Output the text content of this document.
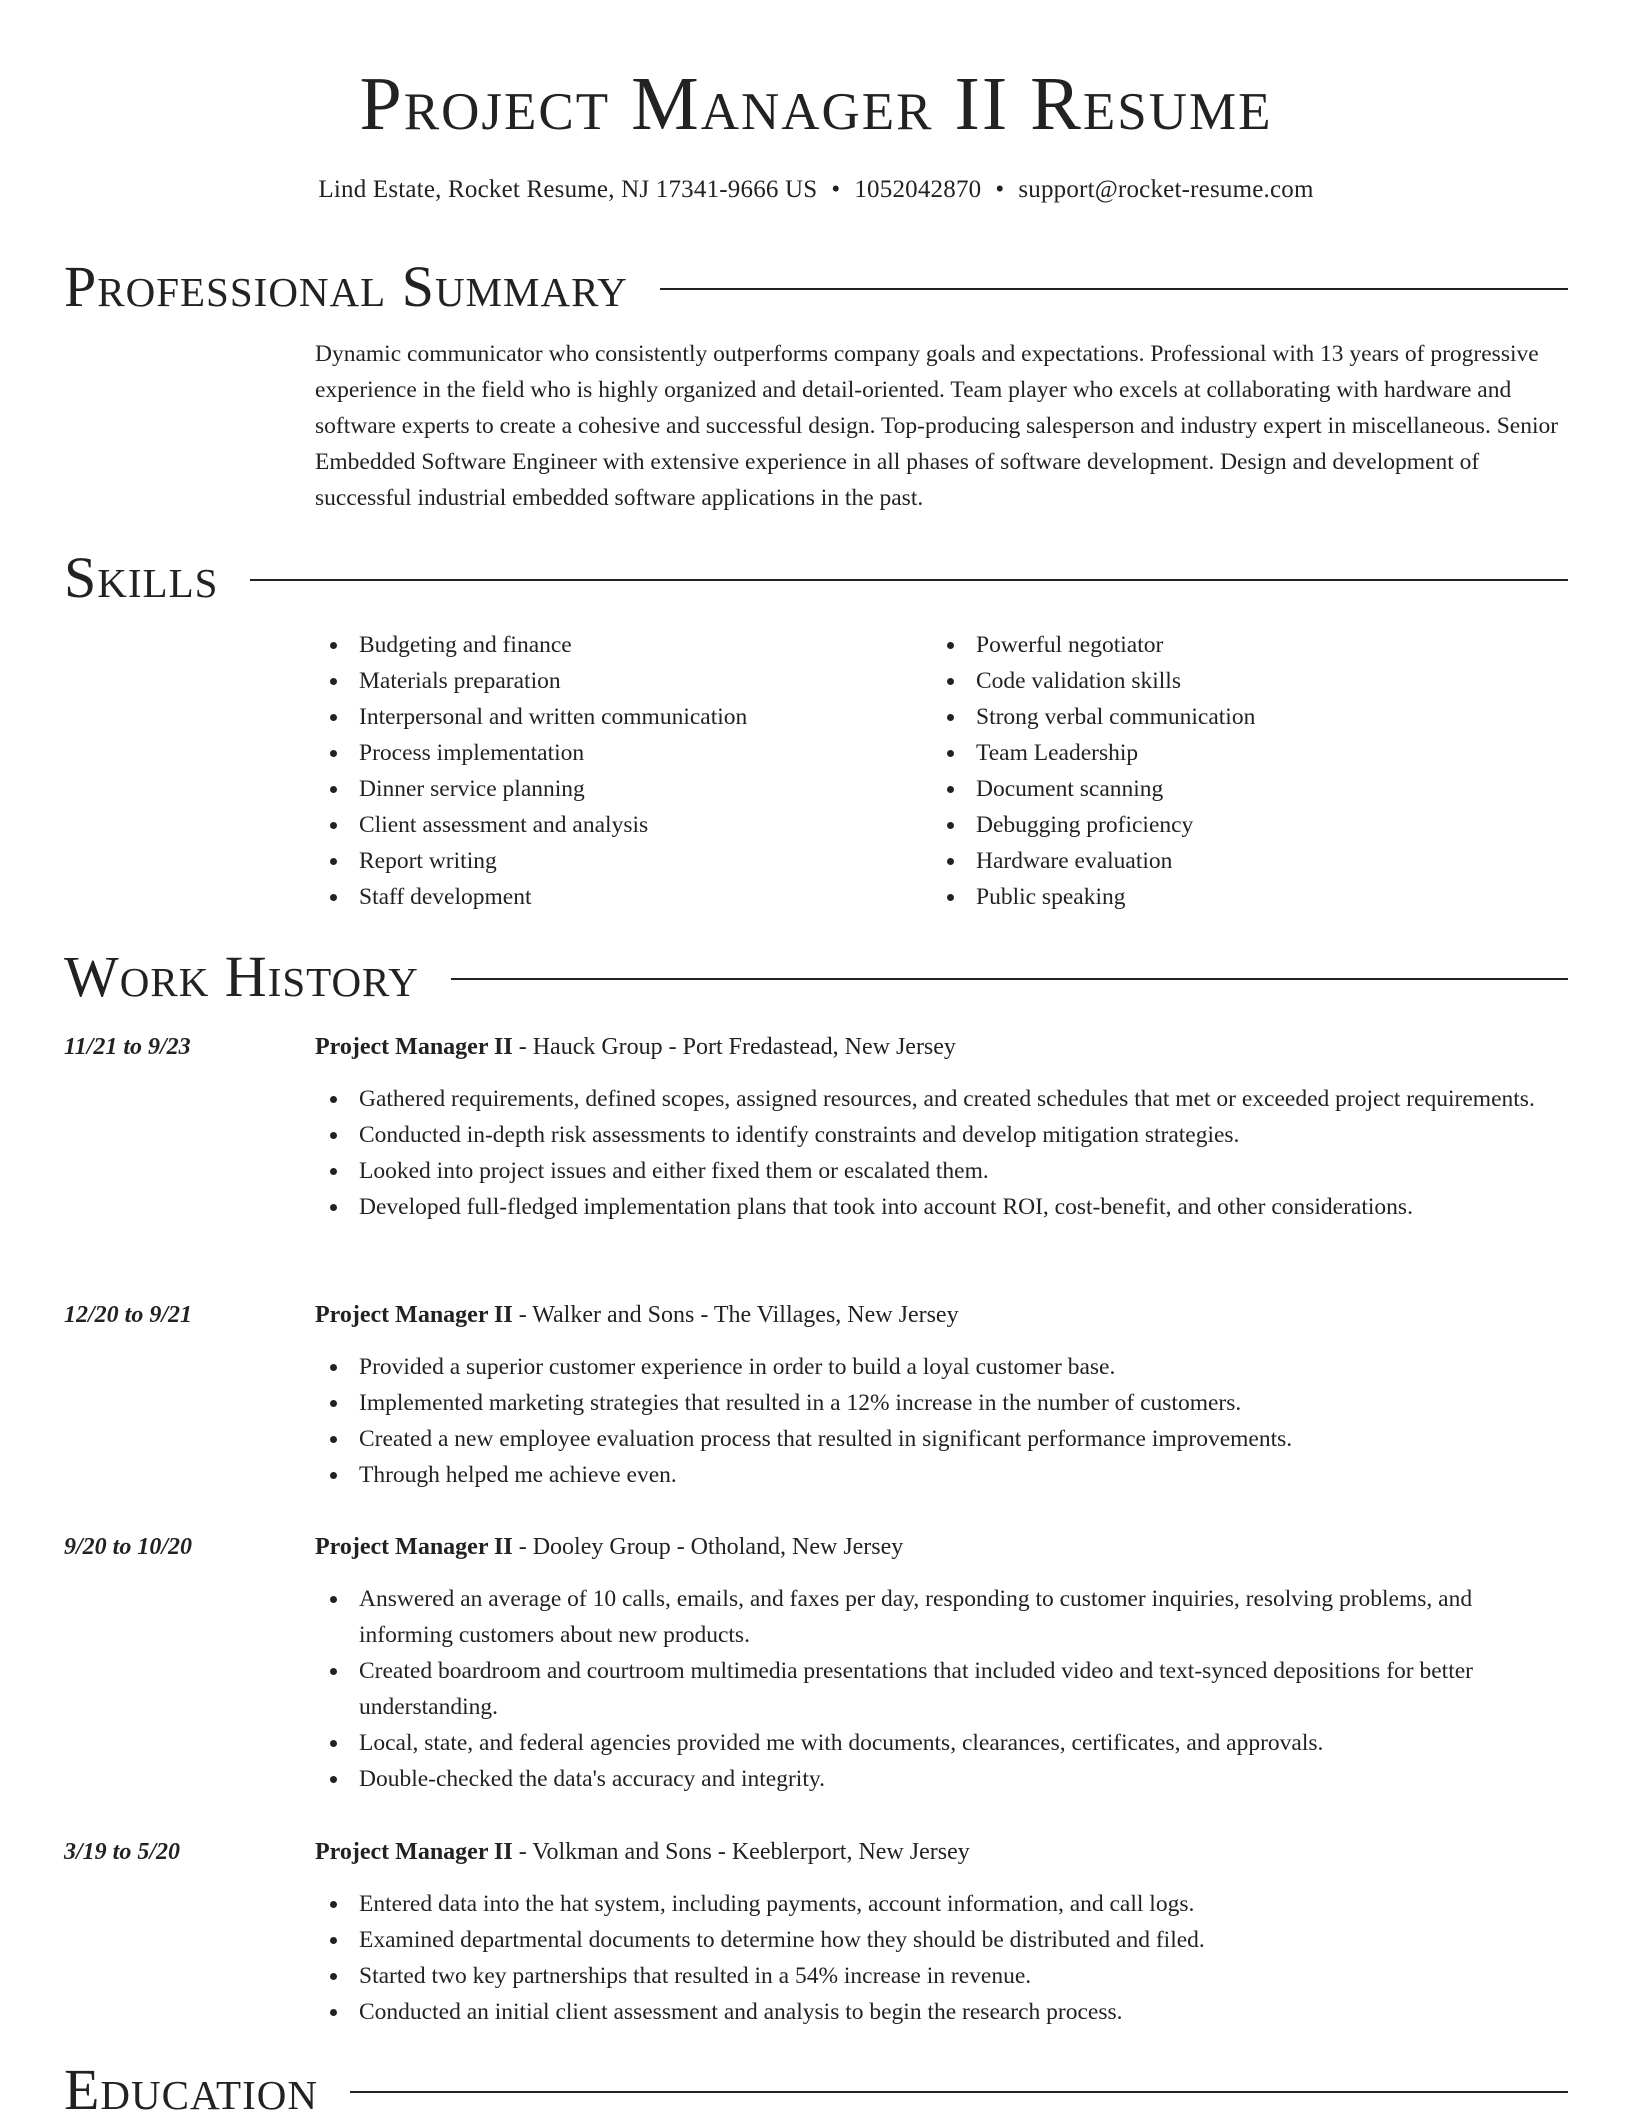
Project Manager II Resume
Lind Estate, Rocket Resume, NJ 17341-9666 US • 1052042870 • support@rocket-resume.com
Professional Summary

Dynamic communicator who consistently outperforms company goals and expectations. Professional with 13 years of progressive experience in the field who is highly organized and detail-oriented. Team player who excels at collaborating with hardware and software experts to create a cohesive and successful design. Top-producing salesperson and industry expert in miscellaneous. Senior Embedded Software Engineer with extensive experience in all phases of software development. Design and development of successful industrial embedded software applications in the past.

Skills
Budgeting and finance
Materials preparation
Interpersonal and written communication
Process implementation
Dinner service planning
Client assessment and analysis
Report writing
Staff development
Powerful negotiator
Code validation skills
Strong verbal communication
Team Leadership
Document scanning
Debugging proficiency
Hardware evaluation
Public speaking
Work History
11/21 to 9/23	Project Manager II - Hauck Group - Port Fredastead, New Jersey
Gathered requirements, defined scopes, assigned resources, and created schedules that met or exceeded project requirements.
Conducted in-depth risk assessments to identify constraints and develop mitigation strategies.
Looked into project issues and either fixed them or escalated them.
Developed full-fledged implementation plans that took into account ROI, cost-benefit, and other considerations.
12/20 to 9/21	Project Manager II - Walker and Sons - The Villages, New Jersey
Provided a superior customer experience in order to build a loyal customer base.
Implemented marketing strategies that resulted in a 12% increase in the number of customers.
Created a new employee evaluation process that resulted in significant performance improvements.
Through helped me achieve even.
9/20 to 10/20	Project Manager II - Dooley Group - Otholand, New Jersey
Answered an average of 10 calls, emails, and faxes per day, responding to customer inquiries, resolving problems, and informing customers about new products.
Created boardroom and courtroom multimedia presentations that included video and text-synced depositions for better understanding.
Local, state, and federal agencies provided me with documents, clearances, certificates, and approvals.
Double-checked the data's accuracy and integrity.
3/19 to 5/20	Project Manager II - Volkman and Sons - Keeblerport, New Jersey
Entered data into the hat system, including payments, account information, and call logs.
Examined departmental documents to determine how they should be distributed and filed.
Started two key partnerships that resulted in a 54% increase in revenue.
Conducted an initial client assessment and analysis to begin the research process.
Education
